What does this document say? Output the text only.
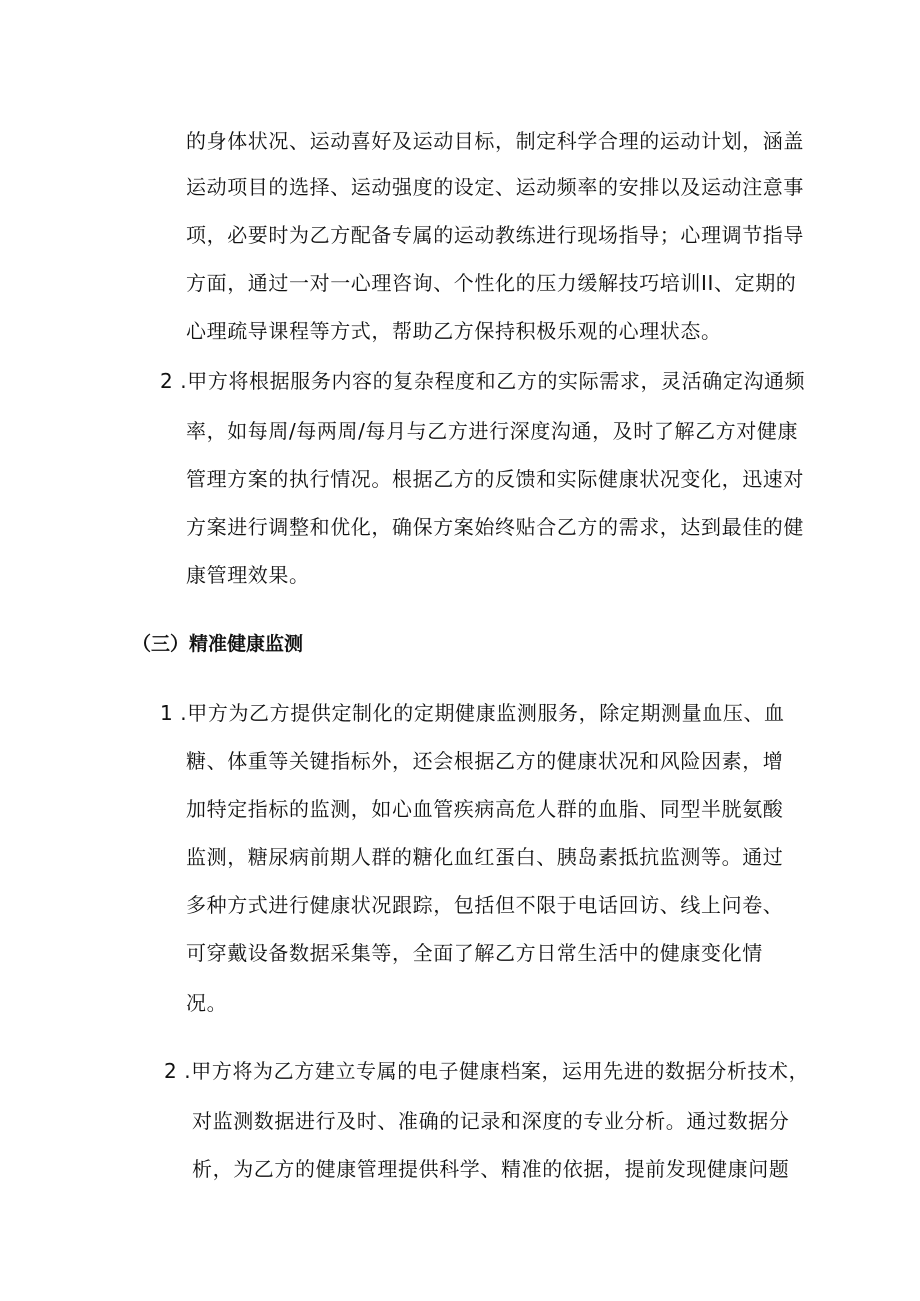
的身体状况、运动喜好及运动目标，制定科学合理的运动计划，涵盖
运动项目的选择、运动强度的设定、运动频率的安排以及运动注意事
项，必要时为乙方配备专属的运动教练进行现场指导；心理调节指导
方面，通过一对一心理咨询、个性化的压力缓解技巧培训II、定期的
心理疏导课程等方式，帮助乙方保持积极乐观的心理状态。
2 .甲方将根据服务内容的复杂程度和乙方的实际需求，灵活确定沟通频
率，如每周/每两周/每月与乙方进行深度沟通，及时了解乙方对健康
管理方案的执行情况。根据乙方的反馈和实际健康状况变化，迅速对
方案进行调整和优化，确保方案始终贴合乙方的需求，达到最佳的健
康管理效果。
（三）精准健康监测
1 .甲方为乙方提供定制化的定期健康监测服务，除定期测量血压、血
糖、体重等关键指标外，还会根据乙方的健康状况和风险因素，增
加特定指标的监测，如心血管疾病高危人群的血脂、同型半胱氨酸
监测，糖尿病前期人群的糖化血红蛋白、胰岛素抵抗监测等。通过
多种方式进行健康状况跟踪，包括但不限于电话回访、线上问卷、
可穿戴设备数据采集等，全面了解乙方日常生活中的健康变化情
况。
2 .甲方将为乙方建立专属的电子健康档案，运用先进的数据分析技术，
对监测数据进行及时、准确的记录和深度的专业分析。通过数据分
析，为乙方的健康管理提供科学、精准的依据，提前发现健康问题
